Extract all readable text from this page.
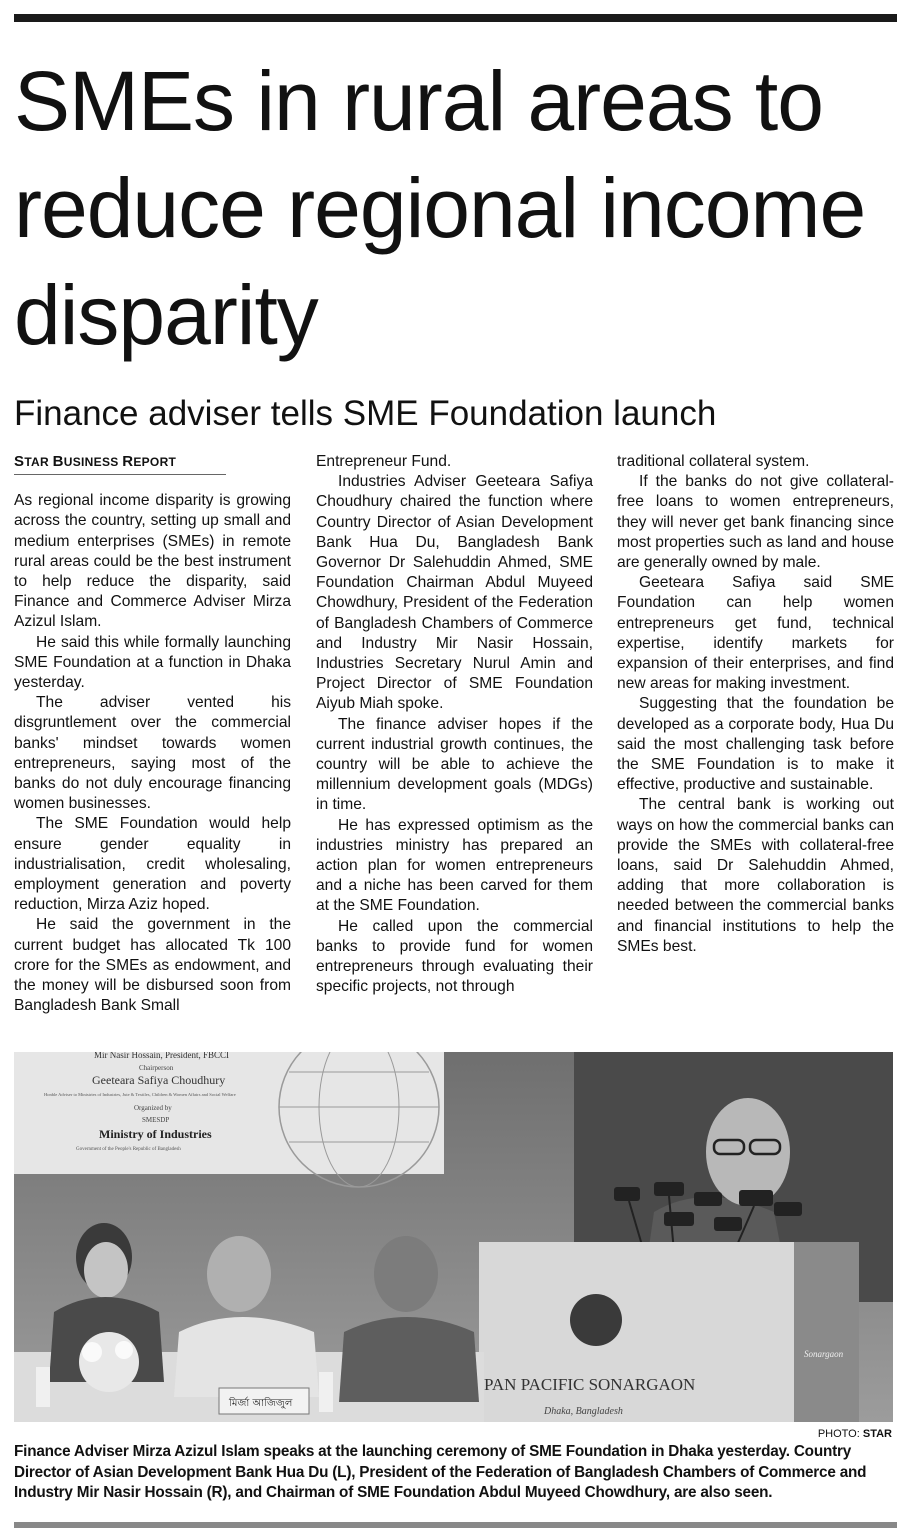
SMEs in rural areas to reduce regional income disparity
Finance adviser tells SME Foundation launch
STAR BUSINESS REPORT

As regional income disparity is growing across the country, setting up small and medium enterprises (SMEs) in remote rural areas could be the best instrument to help reduce the disparity, said Finance and Commerce Adviser Mirza Azizul Islam.

He said this while formally launching SME Foundation at a function in Dhaka yesterday.

The adviser vented his disgruntlement over the commercial banks' mindset towards women entrepreneurs, saying most of the banks do not duly encourage financing women businesses.

The SME Foundation would help ensure gender equality in industrialisation, credit wholesaling, employment generation and poverty reduction, Mirza Aziz hoped.

He said the government in the current budget has allocated Tk 100 crore for the SMEs as endowment, and the money will be disbursed soon from Bangladesh Bank Small

Entrepreneur Fund.

Industries Adviser Geeteara Safiya Choudhury chaired the function where Country Director of Asian Development Bank Hua Du, Bangladesh Bank Governor Dr Salehuddin Ahmed, SME Foundation Chairman Abdul Muyeed Chowdhury, President of the Federation of Bangladesh Chambers of Commerce and Industry Mir Nasir Hossain, Industries Secretary Nurul Amin and Project Director of SME Foundation Aiyub Miah spoke.

The finance adviser hopes if the current industrial growth continues, the country will be able to achieve the millennium development goals (MDGs) in time.

He has expressed optimism as the industries ministry has prepared an action plan for women entrepreneurs and a niche has been carved for them at the SME Foundation.

He called upon the commercial banks to provide fund for women entrepreneurs through evaluating their specific projects, not through

traditional collateral system.

If the banks do not give collateral-free loans to women entrepreneurs, they will never get bank financing since most properties such as land and house are generally owned by male.

Geeteara Safiya said SME Foundation can help women entrepreneurs get fund, technical expertise, identify markets for expansion of their enterprises, and find new areas for making investment.

Suggesting that the foundation be developed as a corporate body, Hua Du said the most challenging task before the SME Foundation is to make it effective, productive and sustainable.

The central bank is working out ways on how the commercial banks can provide the SMEs with collateral-free loans, said Dr Salehuddin Ahmed, adding that more collaboration is needed between the commercial banks and financial institutions to help the SMEs best.

Mir Nasir Hossain, President, FBCCI
Chairperson
Geeteara Safiya Choudhury
Honble Adviser to Ministries of Industries, Jute & Textiles, Children & Women Affairs and Social Welfare
Organized by
SMESDP
Ministry of Industries
Government of the People's Republic of Bangladesh
PAN PACIFIC SONARGAON
Dhaka, Bangladesh
Sonargaon
মির্জা আজিজুল
PHOTO: STAR

Finance Adviser Mirza Azizul Islam speaks at the launching ceremony of SME Foundation in Dhaka yesterday. Country Director of Asian Development Bank Hua Du (L), President of the Federation of Bangladesh Chambers of Commerce and Industry Mir Nasir Hossain (R), and Chairman of SME Foundation Abdul Muyeed Chowdhury, are also seen.
